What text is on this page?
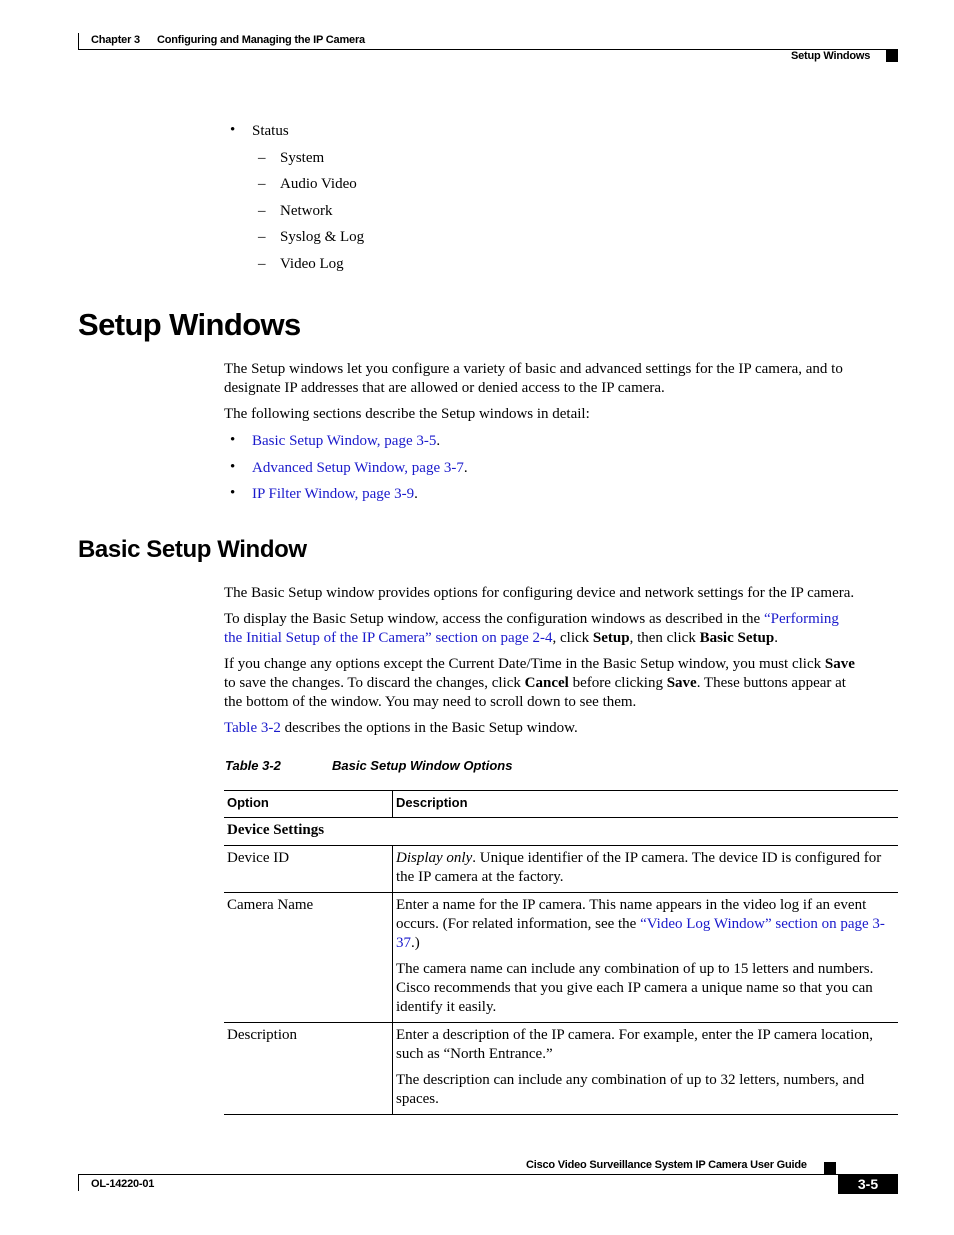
Chapter 3 Configuring and Managing the IP Camera
Setup Windows
• Status
– System
– Audio Video
– Network
– Syslog & Log
– Video Log
Setup Windows
The Setup windows let you configure a variety of basic and advanced settings for the IP camera, and to designate IP addresses that are allowed or denied access to the IP camera.
The following sections describe the Setup windows in detail:
• Basic Setup Window, page 3-5.
• Advanced Setup Window, page 3-7.
• IP Filter Window, page 3-9.
Basic Setup Window
The Basic Setup window provides options for configuring device and network settings for the IP camera.
To display the Basic Setup window, access the configuration windows as described in the “Performing
the Initial Setup of the IP Camera” section on page 2-4, click Setup, then click Basic Setup.
If you change any options except the Current Date/Time in the Basic Setup window, you must click Save
to save the changes. To discard the changes, click Cancel before clicking Save. These buttons appear at
the bottom of the window. You may need to scroll down to see them.
Table 3-2 describes the options in the Basic Setup window.
Table 3-2	Basic Setup Window Options
Option	Description
Device Settings	
Device ID	Display only. Unique identifier of the IP camera. The device ID is configured for the IP camera at the factory.
Camera Name	Enter a name for the IP camera. This name appears in the video log if an event occurs. (For related information, see the “Video Log Window” section on page 3-37.)

The camera name can include any combination of up to 15 letters and numbers. Cisco recommends that you give each IP camera a unique name so that you can identify it easily.

Description	Enter a description of the IP camera. For example, enter the IP camera location, such as “North Entrance.”

The description can include any combination of up to 32 letters, numbers, and spaces.

Cisco Video Surveillance System IP Camera User Guide
OL-14220-01	3-5
